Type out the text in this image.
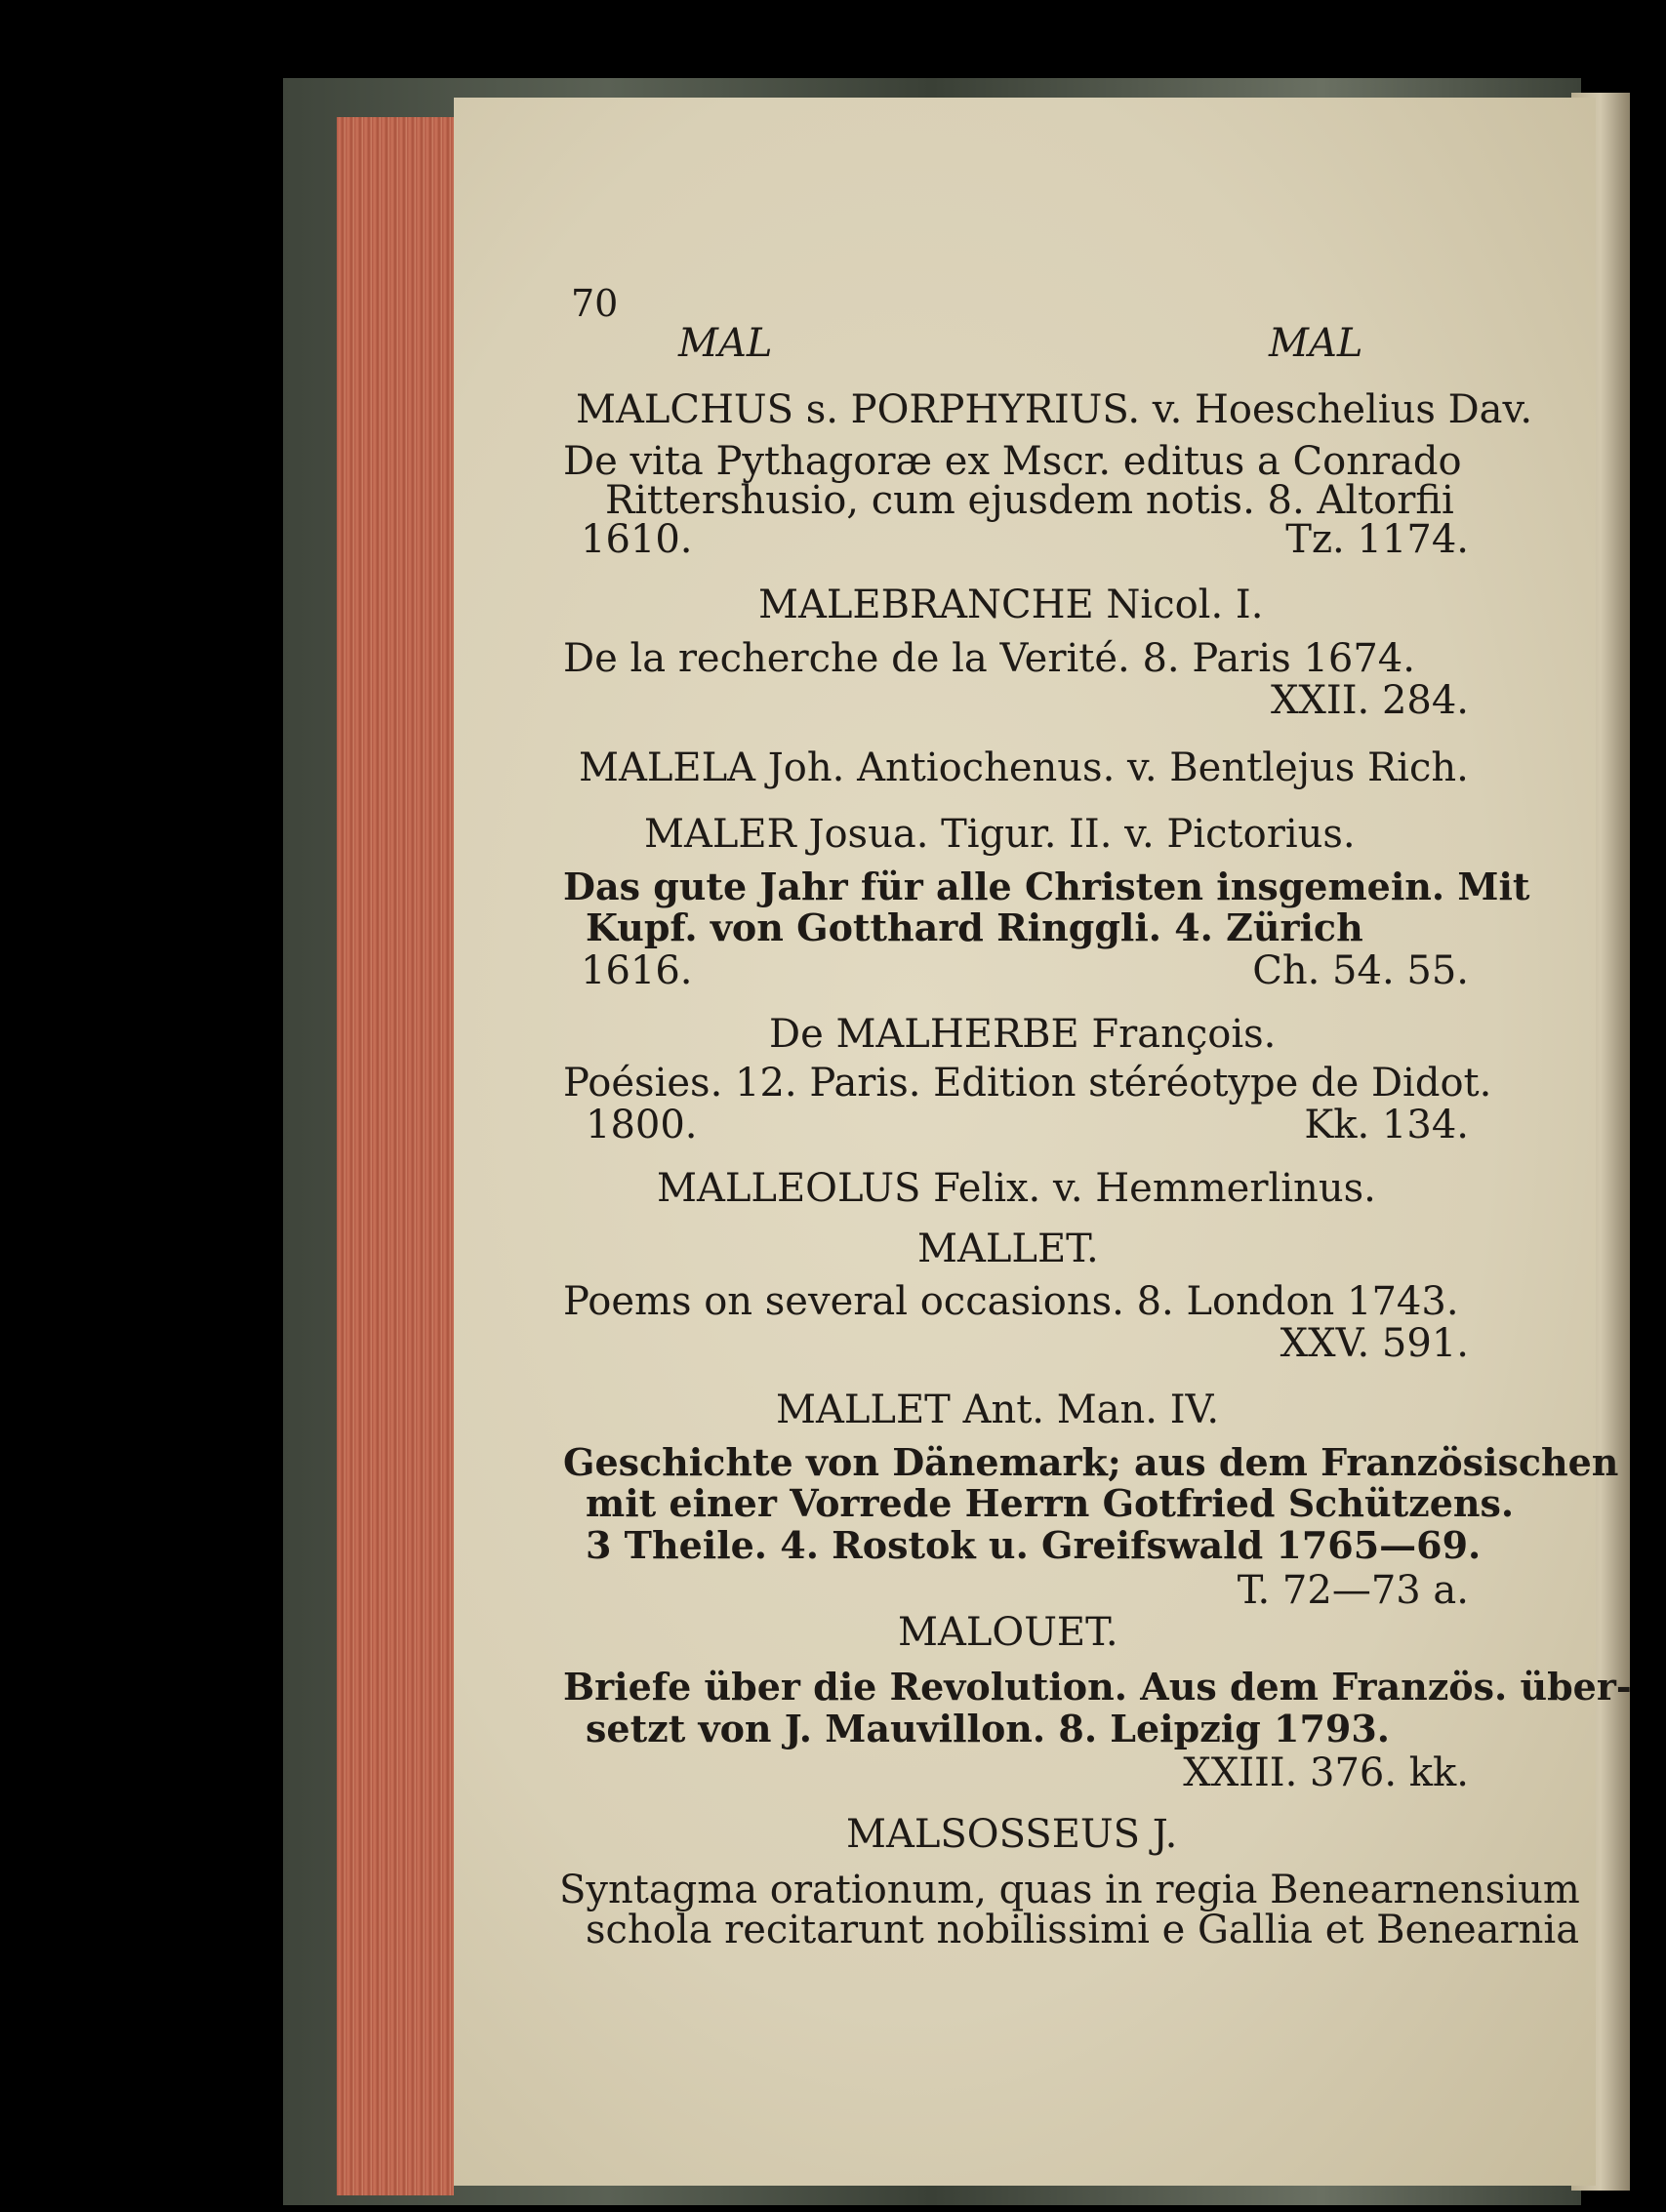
70
MAL	MAL
MALCHUS s. PORPHYRIUS. v. Hoeschelius Dav.
De vita Pythagoræ ex Mscr. editus a Conrado
Rittershusio, cum ejusdem notis. 8. Altorfii
1610.	Tz. 1174.
MALEBRANCHE Nicol. I.
De la recherche de la Verité. 8. Paris 1674.
XXII. 284.
MALELA Joh. Antiochenus. v. Bentlejus Rich.
MALER Josua. Tigur. II. v. Pictorius.
Das gute Jahr für alle Christen insgemein. Mit
Kupf. von Gotthard Ringgli. 4. Zürich
1616.	Ch. 54. 55.
De MALHERBE François.
Poésies. 12. Paris. Edition stéréotype de Didot.
1800.	Kk. 134.
MALLEOLUS Felix. v. Hemmerlinus.
MALLET.
Poems on several occasions. 8. London 1743.
XXV. 591.
MALLET Ant. Man. IV.
Geschichte von Dänemark; aus dem Französischen
mit einer Vorrede Herrn Gotfried Schützens.
3 Theile. 4. Rostok u. Greifswald 1765—69.
T. 72—73 a.
MALOUET.
Briefe über die Revolution. Aus dem Französ. über-
setzt von J. Mauvillon. 8. Leipzig 1793.
XXIII. 376. kk.
MALSOSSEUS J.
Syntagma orationum, quas in regia Benearnensium
schola recitarunt nobilissimi e Gallia et Benearnia
